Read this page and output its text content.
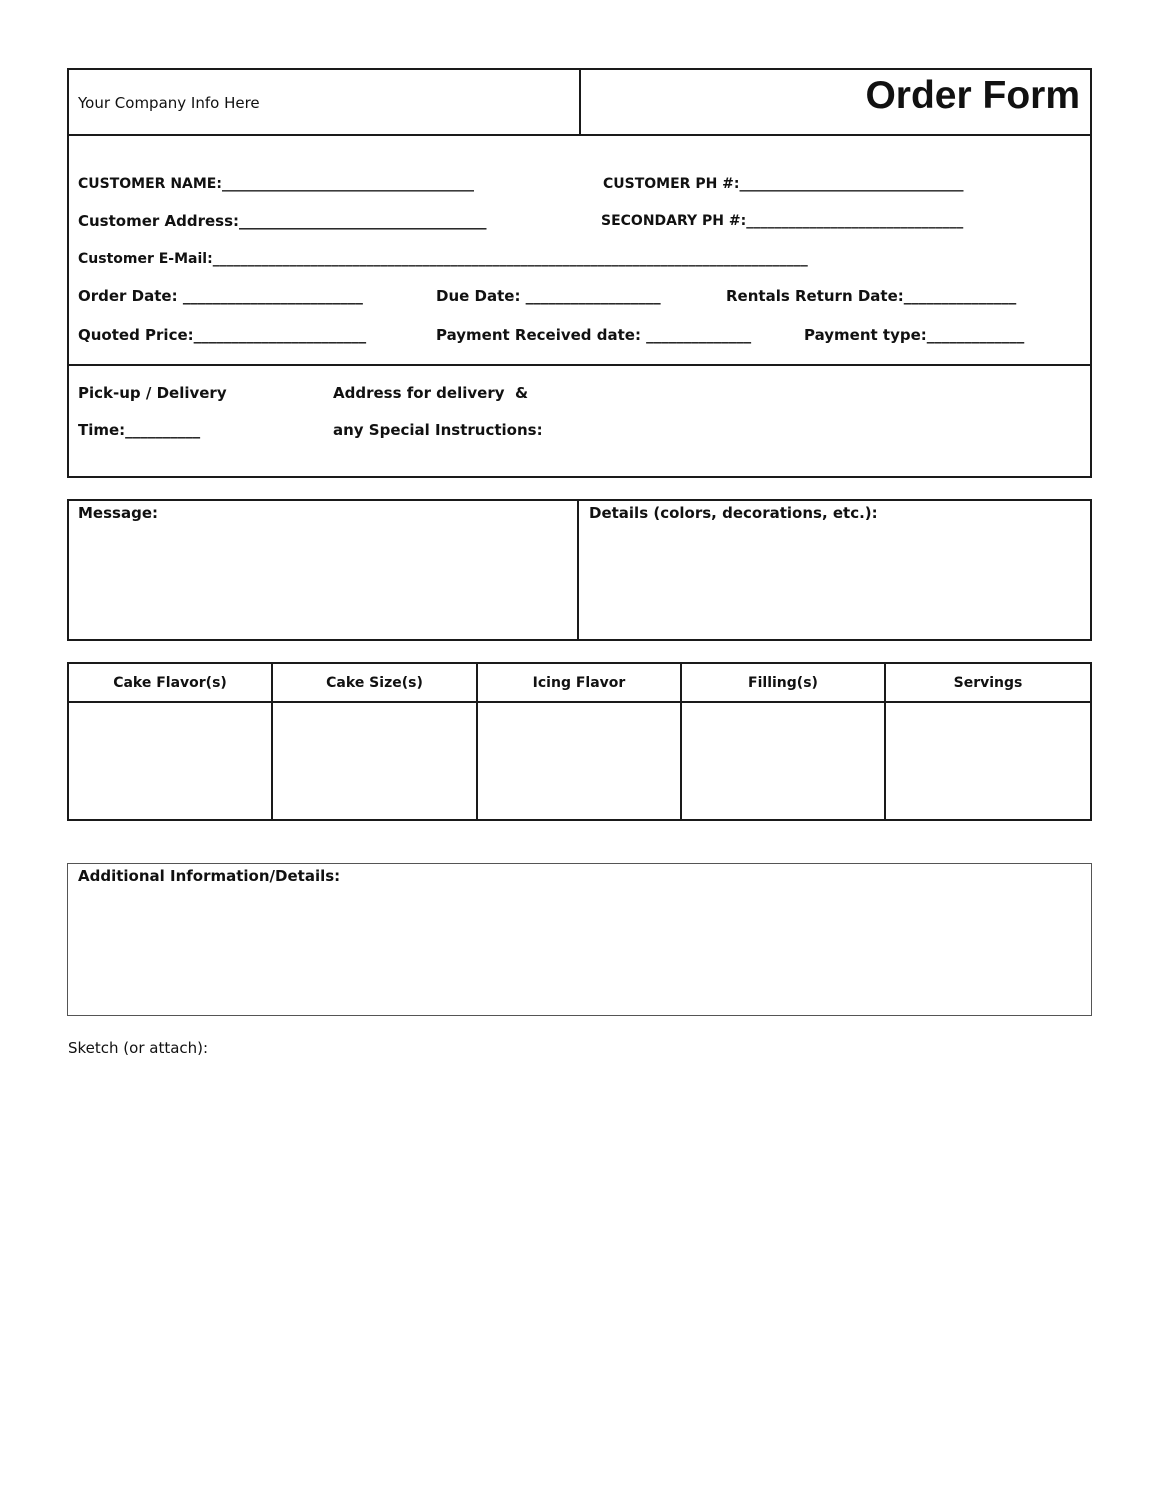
Your Company Info Here	Order Form
CUSTOMER NAME:____________________________________	CUSTOMER PH #:________________________________
Customer Address:_________________________________	SECONDARY PH #:_______________________________
Customer E-Mail:_____________________________________________________________________________________
Order Date: ________________________	Due Date: __________________	Rentals Return Date:_______________
Quoted Price:_______________________	Payment Received date: ______________	Payment type:_____________
Pick-up / Delivery
Time:__________
Address for delivery  &
any Special Instructions:
Message:	Details (colors, decorations, etc.):
Cake Flavor(s)	Cake Size(s)	Icing Flavor	Filling(s)	Servings
Additional Information/Details:
Sketch (or attach):
